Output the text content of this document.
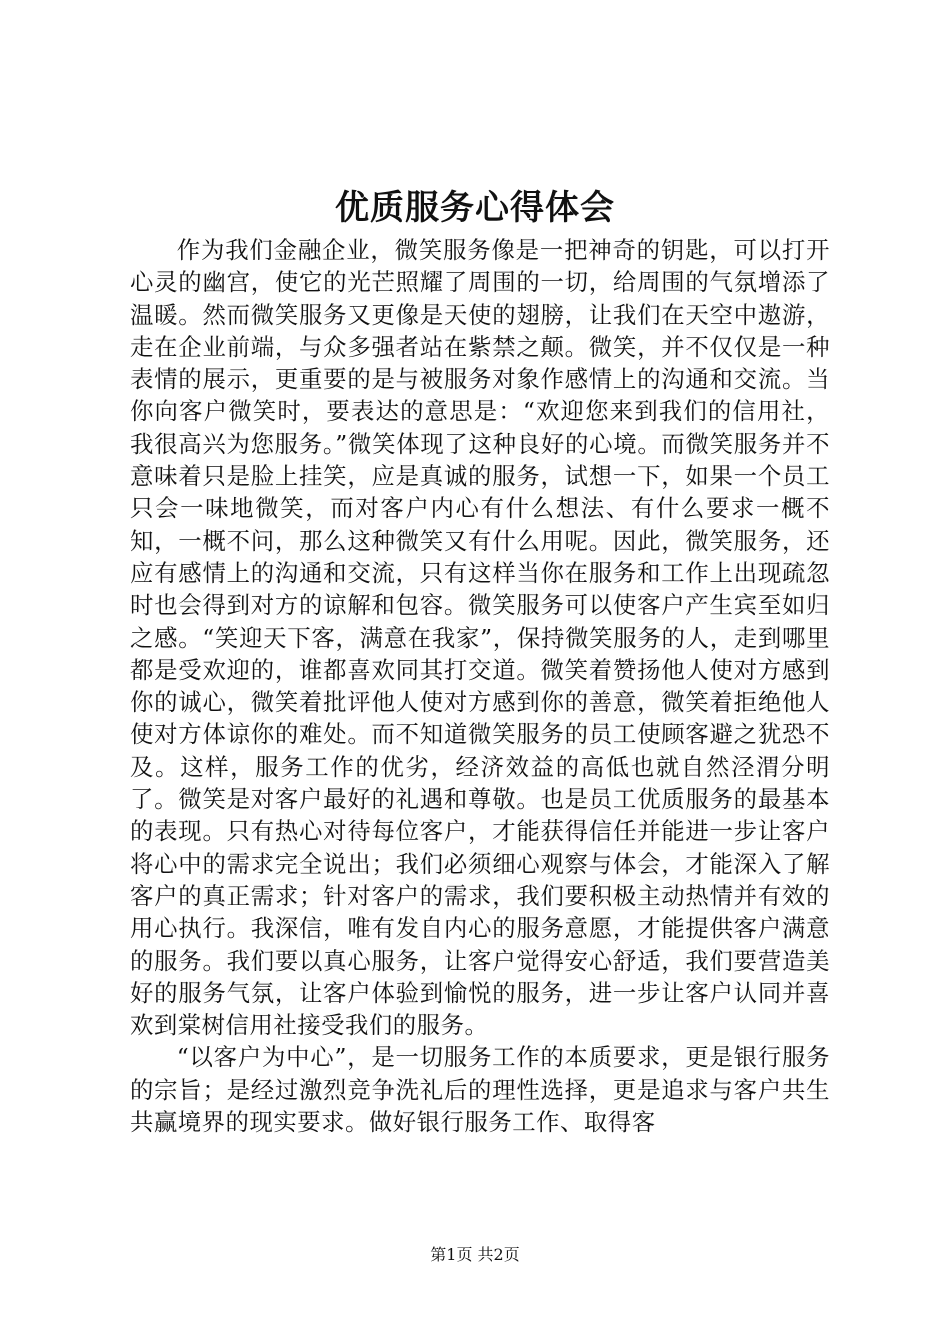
优质服务心得体会

作为我们金融企业，微笑服务像是一把神奇的钥匙，可以打开心灵的幽宫，使它的光芒照耀了周围的一切，给周围的气氛增添了温暖。然而微笑服务又更像是天使的翅膀，让我们在天空中遨游，走在企业前端，与众多强者站在紫禁之颠。微笑，并不仅仅是一种表情的展示，更重要的是与被服务对象作感情上的沟通和交流。当你向客户微笑时，要表达的意思是：“欢迎您来到我们的信用社，我很高兴为您服务。”微笑体现了这种良好的心境。而微笑服务并不意味着只是脸上挂笑，应是真诚的服务，试想一下，如果一个员工只会一味地微笑，而对客户内心有什么想法、有什么要求一概不知，一概不问，那么这种微笑又有什么用呢。因此，微笑服务，还应有感情上的沟通和交流，只有这样当你在服务和工作上出现疏忽时也会得到对方的谅解和包容。微笑服务可以使客户产生宾至如归之感。“笑迎天下客，满意在我家”，保持微笑服务的人，走到哪里都是受欢迎的，谁都喜欢同其打交道。微笑着赞扬他人使对方感到你的诚心，微笑着批评他人使对方感到你的善意，微笑着拒绝他人使对方体谅你的难处。而不知道微笑服务的员工使顾客避之犹恐不及。这样，服务工作的优劣，经济效益的高低也就自然泾渭分明了。微笑是对客户最好的礼遇和尊敬。也是员工优质服务的最基本的表现。只有热心对待每位客户，才能获得信任并能进一步让客户将心中的需求完全说出；我们必须细心观察与体会，才能深入了解客户的真正需求；针对客户的需求，我们要积极主动热情并有效的用心执行。我深信，唯有发自内心的服务意愿，才能提供客户满意的服务。我们要以真心服务，让客户觉得安心舒适，我们要营造美好的服务气氛，让客户体验到愉悦的服务，进一步让客户认同并喜欢到棠树信用社接受我们的服务。

“以客户为中心”，是一切服务工作的本质要求，更是银行服务的宗旨；是经过激烈竞争洗礼后的理性选择，更是追求与客户共生共赢境界的现实要求。做好银行服务工作、取得客

第1页 共2页
